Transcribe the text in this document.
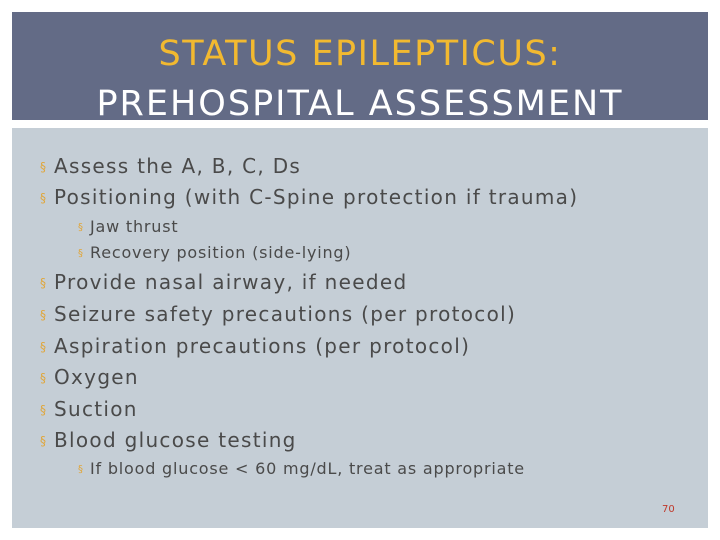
STATUS EPILEPTICUS:
PREHOSPITAL ASSESSMENT
§ Assess the A, B, C, Ds
§ Positioning (with C-Spine protection if trauma)
§ Jaw thrust
§ Recovery position (side-lying)
§ Provide nasal airway, if needed
§ Seizure safety precautions (per protocol)
§ Aspiration precautions (per protocol)
§ Oxygen
§ Suction
§ Blood glucose testing
§ If blood glucose < 60 mg/dL, treat as appropriate
70
